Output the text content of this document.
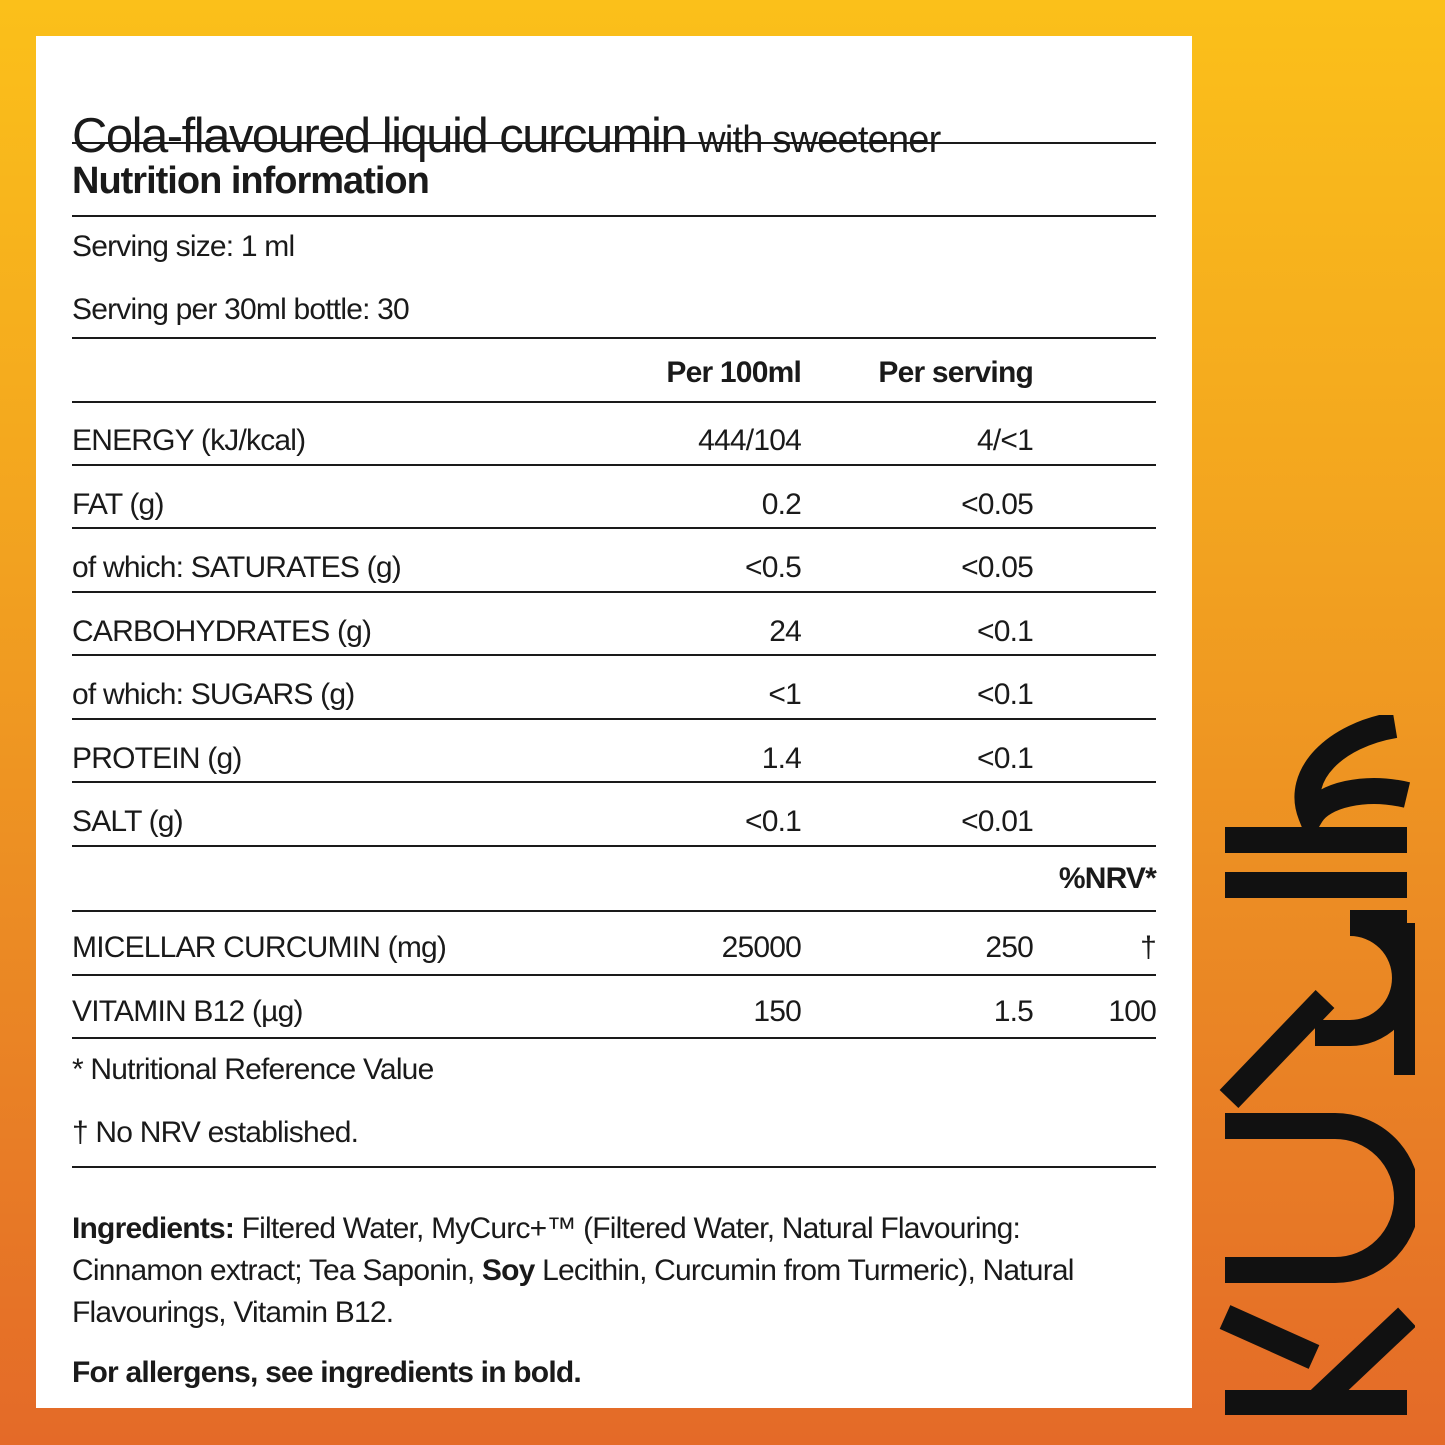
Cola-flavoured liquid curcumin with sweetener
Nutrition information
Serving size: 1 ml
Serving per 30ml bottle: 30
Per 100ml	Per serving
ENERGY (kJ/kcal)	444/104	4/<1
FAT (g)	0.2	<0.05
of which: SATURATES (g)	<0.5	<0.05
CARBOHYDRATES (g)	24	<0.1
of which: SUGARS (g)	<1	<0.1
PROTEIN (g)	1.4	<0.1
SALT (g)	<0.1	<0.01
%NRV*
MICELLAR CURCUMIN (mg)	25000	250	†
VITAMIN B12 (µg)	150	1.5	100
* Nutritional Reference Value
† No NRV established.
Ingredients: Filtered Water, MyCurc+™ (Filtered Water, Natural Flavouring: Cinnamon extract; Tea Saponin, Soy Lecithin, Curcumin from Turmeric), Natural Flavourings, Vitamin B12.
For allergens, see ingredients in bold.
